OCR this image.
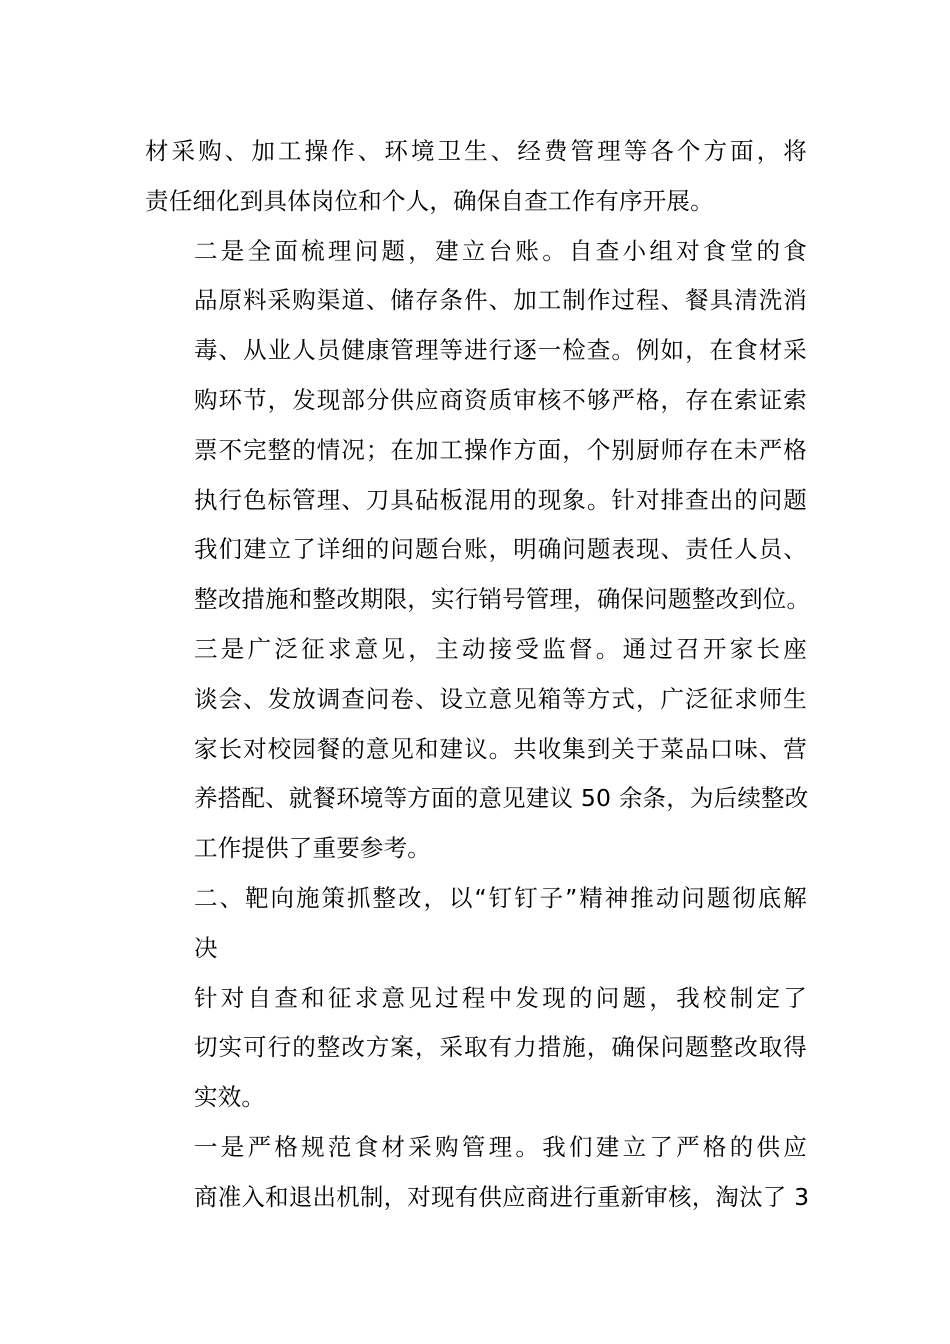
材采购、加工操作、环境卫生、经费管理等各个方面，将
责任细化到具体岗位和个人，确保自查工作有序开展。
二是全面梳理问题，建立台账。自查小组对食堂的食
品原料采购渠道、储存条件、加工制作过程、餐具清洗消
毒、从业人员健康管理等进行逐一检查。例如，在食材采
购环节，发现部分供应商资质审核不够严格，存在索证索
票不完整的情况；在加工操作方面，个别厨师存在未严格
执行色标管理、刀具砧板混用的现象。针对排查出的问题
我们建立了详细的问题台账，明确问题表现、责任人员、
整改措施和整改期限，实行销号管理，确保问题整改到位。
三是广泛征求意见，主动接受监督。通过召开家长座
谈会、发放调查问卷、设立意见箱等方式，广泛征求师生
家长对校园餐的意见和建议。共收集到关于菜品口味、营
养搭配、就餐环境等方面的意见建议 50 余条，为后续整改
工作提供了重要参考。
二、靶向施策抓整改，以“钉钉子”精神推动问题彻底解
决
针对自查和征求意见过程中发现的问题，我校制定了
切实可行的整改方案，采取有力措施，确保问题整改取得
实效。
一是严格规范食材采购管理。我们建立了严格的供应
商准入和退出机制，对现有供应商进行重新审核，淘汰了 3
